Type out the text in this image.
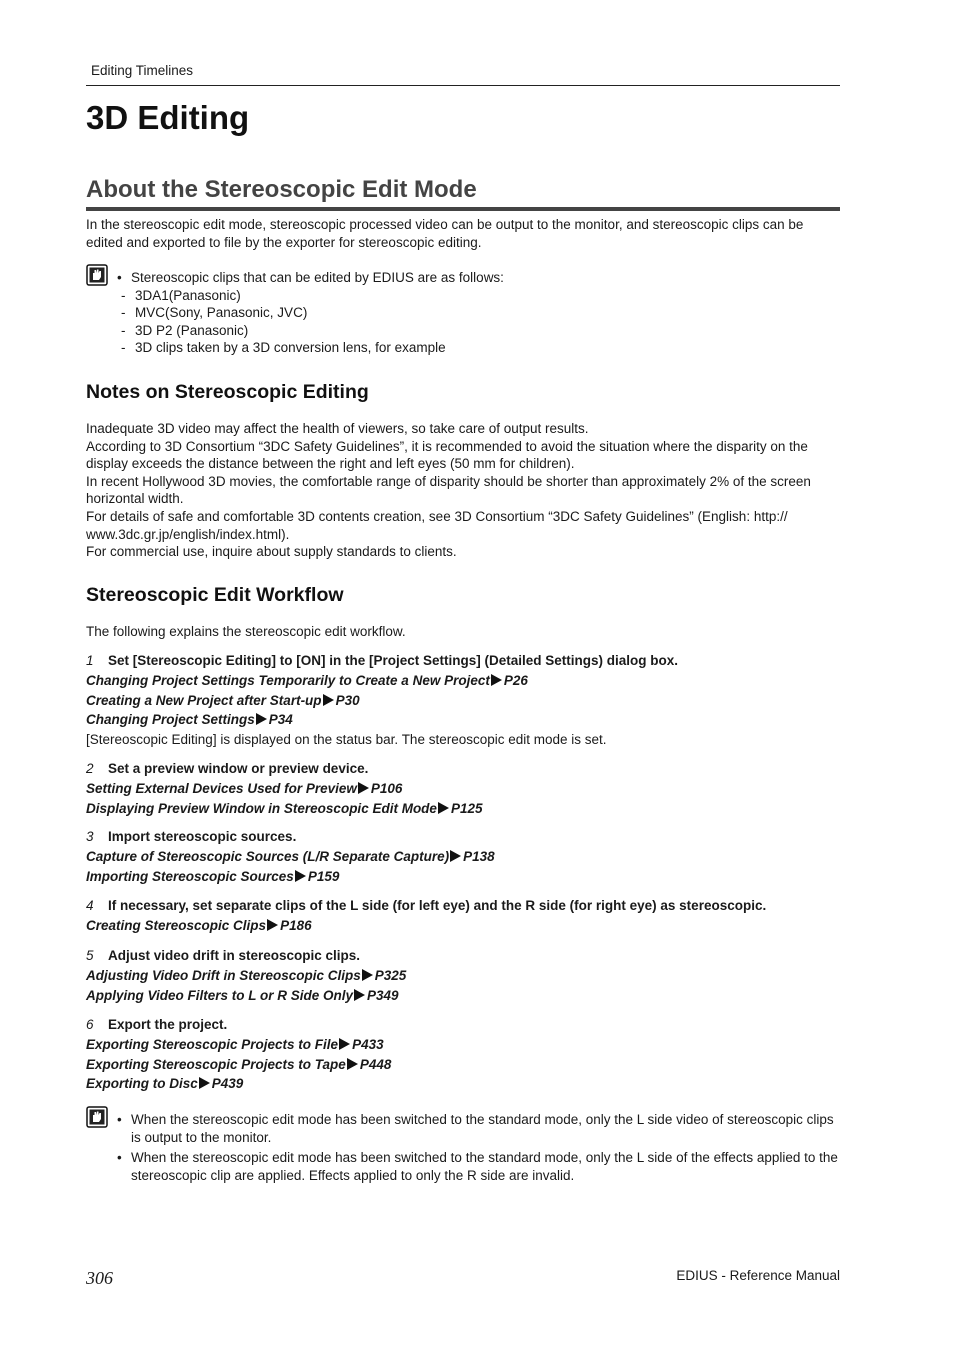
Editing Timelines
3D Editing
About the Stereoscopic Edit Mode

In the stereoscopic edit mode, stereoscopic processed video can be output to the monitor, and stereoscopic clips can be edited and exported to file by the exporter for stereoscopic editing.

• Stereoscopic clips that can be edited by EDIUS are as follows:
- 3DA1(Panasonic)
- MVC(Sony, Panasonic, JVC)
- 3D P2 (Panasonic)
- 3D clips taken by a 3D conversion lens, for example
Notes on Stereoscopic Editing

Inadequate 3D video may affect the health of viewers, so take care of output results.

According to 3D Consortium “3DC Safety Guidelines”, it is recommended to avoid the situation where the disparity on the display exceeds the distance between the right and left eyes (50 mm for children).

In recent Hollywood 3D movies, the comfortable range of disparity should be shorter than approximately 2% of the screen horizontal width.

For details of safe and comfortable 3D contents creation, see 3D Consortium “3DC Safety Guidelines” (English: http:// www.3dc.gr.jp/english/index.html).

For commercial use, inquire about supply standards to clients.

Stereoscopic Edit Workflow

The following explains the stereoscopic edit workflow.

1 Set [Stereoscopic Editing] to [ON] in the [Project Settings] (Detailed Settings) dialog box.
Changing Project Settings Temporarily to Create a New Project P26
Creating a New Project after Start-up P30
Changing Project Settings P34
[Stereoscopic Editing] is displayed on the status bar. The stereoscopic edit mode is set.
2 Set a preview window or preview device.
Setting External Devices Used for Preview P106
Displaying Preview Window in Stereoscopic Edit Mode P125
3 Import stereoscopic sources.
Capture of Stereoscopic Sources (L/R Separate Capture) P138
Importing Stereoscopic Sources P159
4 If necessary, set separate clips of the L side (for left eye) and the R side (for right eye) as stereoscopic.
Creating Stereoscopic Clips P186
5 Adjust video drift in stereoscopic clips.
Adjusting Video Drift in Stereoscopic Clips P325
Applying Video Filters to L or R Side Only P349
6 Export the project.
Exporting Stereoscopic Projects to File P433
Exporting Stereoscopic Projects to Tape P448
Exporting to Disc P439
• When the stereoscopic edit mode has been switched to the standard mode, only the L side video of stereoscopic clips is output to the monitor.
• When the stereoscopic edit mode has been switched to the standard mode, only the L side of the effects applied to the stereoscopic clip are applied. Effects applied to only the R side are invalid.
306	EDIUS - Reference Manual
